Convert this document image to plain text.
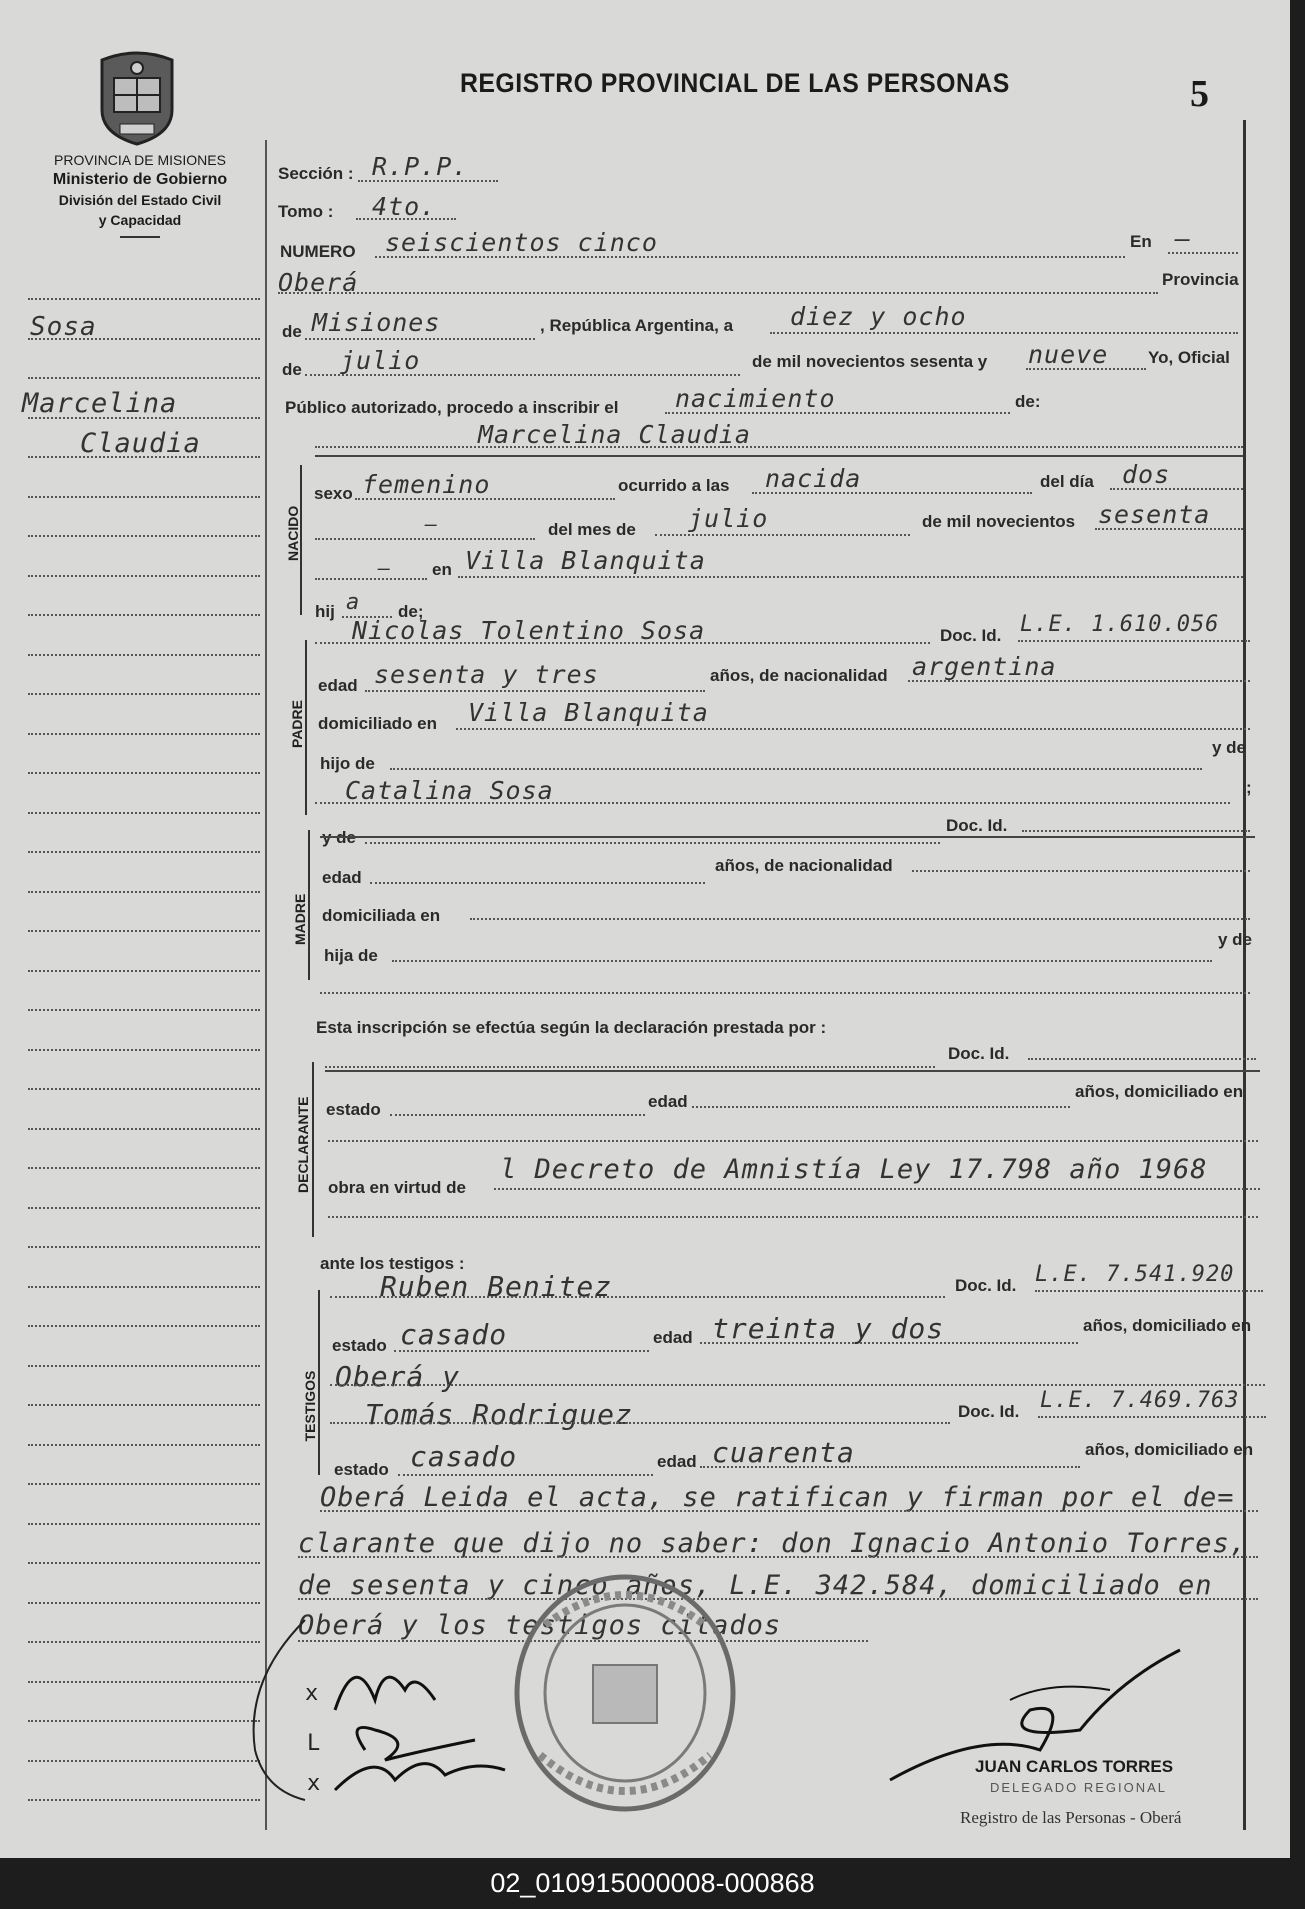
PROVINCIA DE MISIONES
Ministerio de Gobierno
División del Estado Civil
y Capacidad
REGISTRO PROVINCIAL DE LAS PERSONAS	5
Sosa
Marcelina
Claudia
Sección : R.P.P.
Tomo : 4to.
NUMERO seiscientos cinco	En —
Oberá	Provincia
de Misiones	, República Argentina, a diez y ocho
de julio	de mil novecientos sesenta y nueve Yo, Oficial
Público autorizado, procedo a inscribir el nacimiento	de:
NACIDO
Marcelina Claudia
sexo femenino	ocurrido a las nacida	del día dos
—	del mes de julio	de mil novecientos sesenta
— en Villa Blanquita
hij a de;
PADRE
Nicolas Tolentino Sosa	Doc. Id. L.E. 1.610.056
edad sesenta y tres	años, de nacionalidad argentina
domiciliado en Villa Blanquita
hijo de
y de
Catalina Sosa	;
MADRE
y de
Doc. Id.
edad
años, de nacionalidad
domiciliada en
hija de
y de
Esta inscripción se efectúa según la declaración prestada por :
DECLARANTE
Doc. Id.
estado	edad
años, domiciliado en
obra en virtud de
l Decreto de Amnistía Ley 17.798 año 1968
ante los testigos :
TESTIGOS
Ruben Benitez	Doc. Id. L.E. 7.541.920
estado casado	edad treinta y dos	años, domiciliado en
Oberá y
Tomás Rodriguez	Doc. Id. L.E. 7.469.763
estado casado	edad cuarenta	años, domiciliado en
Oberá Leida el acta, se ratifican y firman por el de=
clarante que dijo no saber: don Ignacio Antonio Torres,
de sesenta y cinco años, L.E. 342.584, domiciliado en
Oberá y los testigos citados
x
L
x
JUAN CARLOS TORRES
DELEGADO REGIONAL
Registro de las Personas - Oberá
02_010915000008-000868
